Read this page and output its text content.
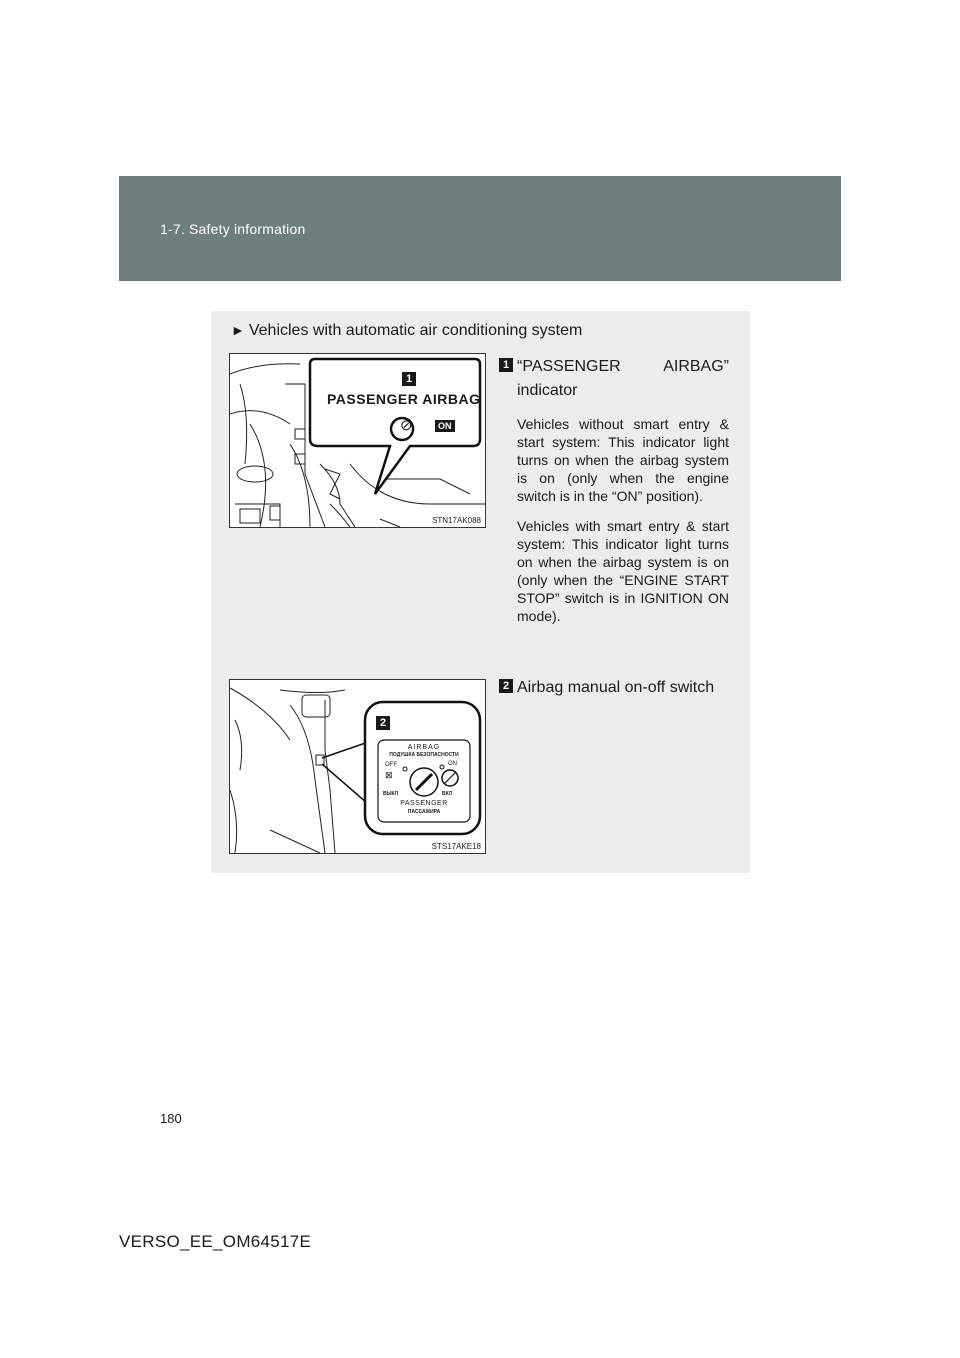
1-7. Safety information
► Vehicles with automatic air conditioning system
1
PASSENGER AIRBAG
⊘	ON
STN17AK088
2
AIRBAG
ПОДУШКА БЕЗОПАСНОСТИ
OFF	ON
⊠
ВЫКЛ	ВКЛ
PASSENGER
ПАССАЖИРА
STS17AKE18
1 “PASSENGER AIRBAG”
indicator
Vehicles without smart entry & start system: This indicator light turns on when the airbag system is on (only when the engine switch is in the “ON” position).
Vehicles with smart entry & start system: This indicator light turns on when the airbag system is on (only when the “ENGINE START STOP” switch is in IGNITION ON mode).
2 Airbag manual on-off switch
180
VERSO_EE_OM64517E
